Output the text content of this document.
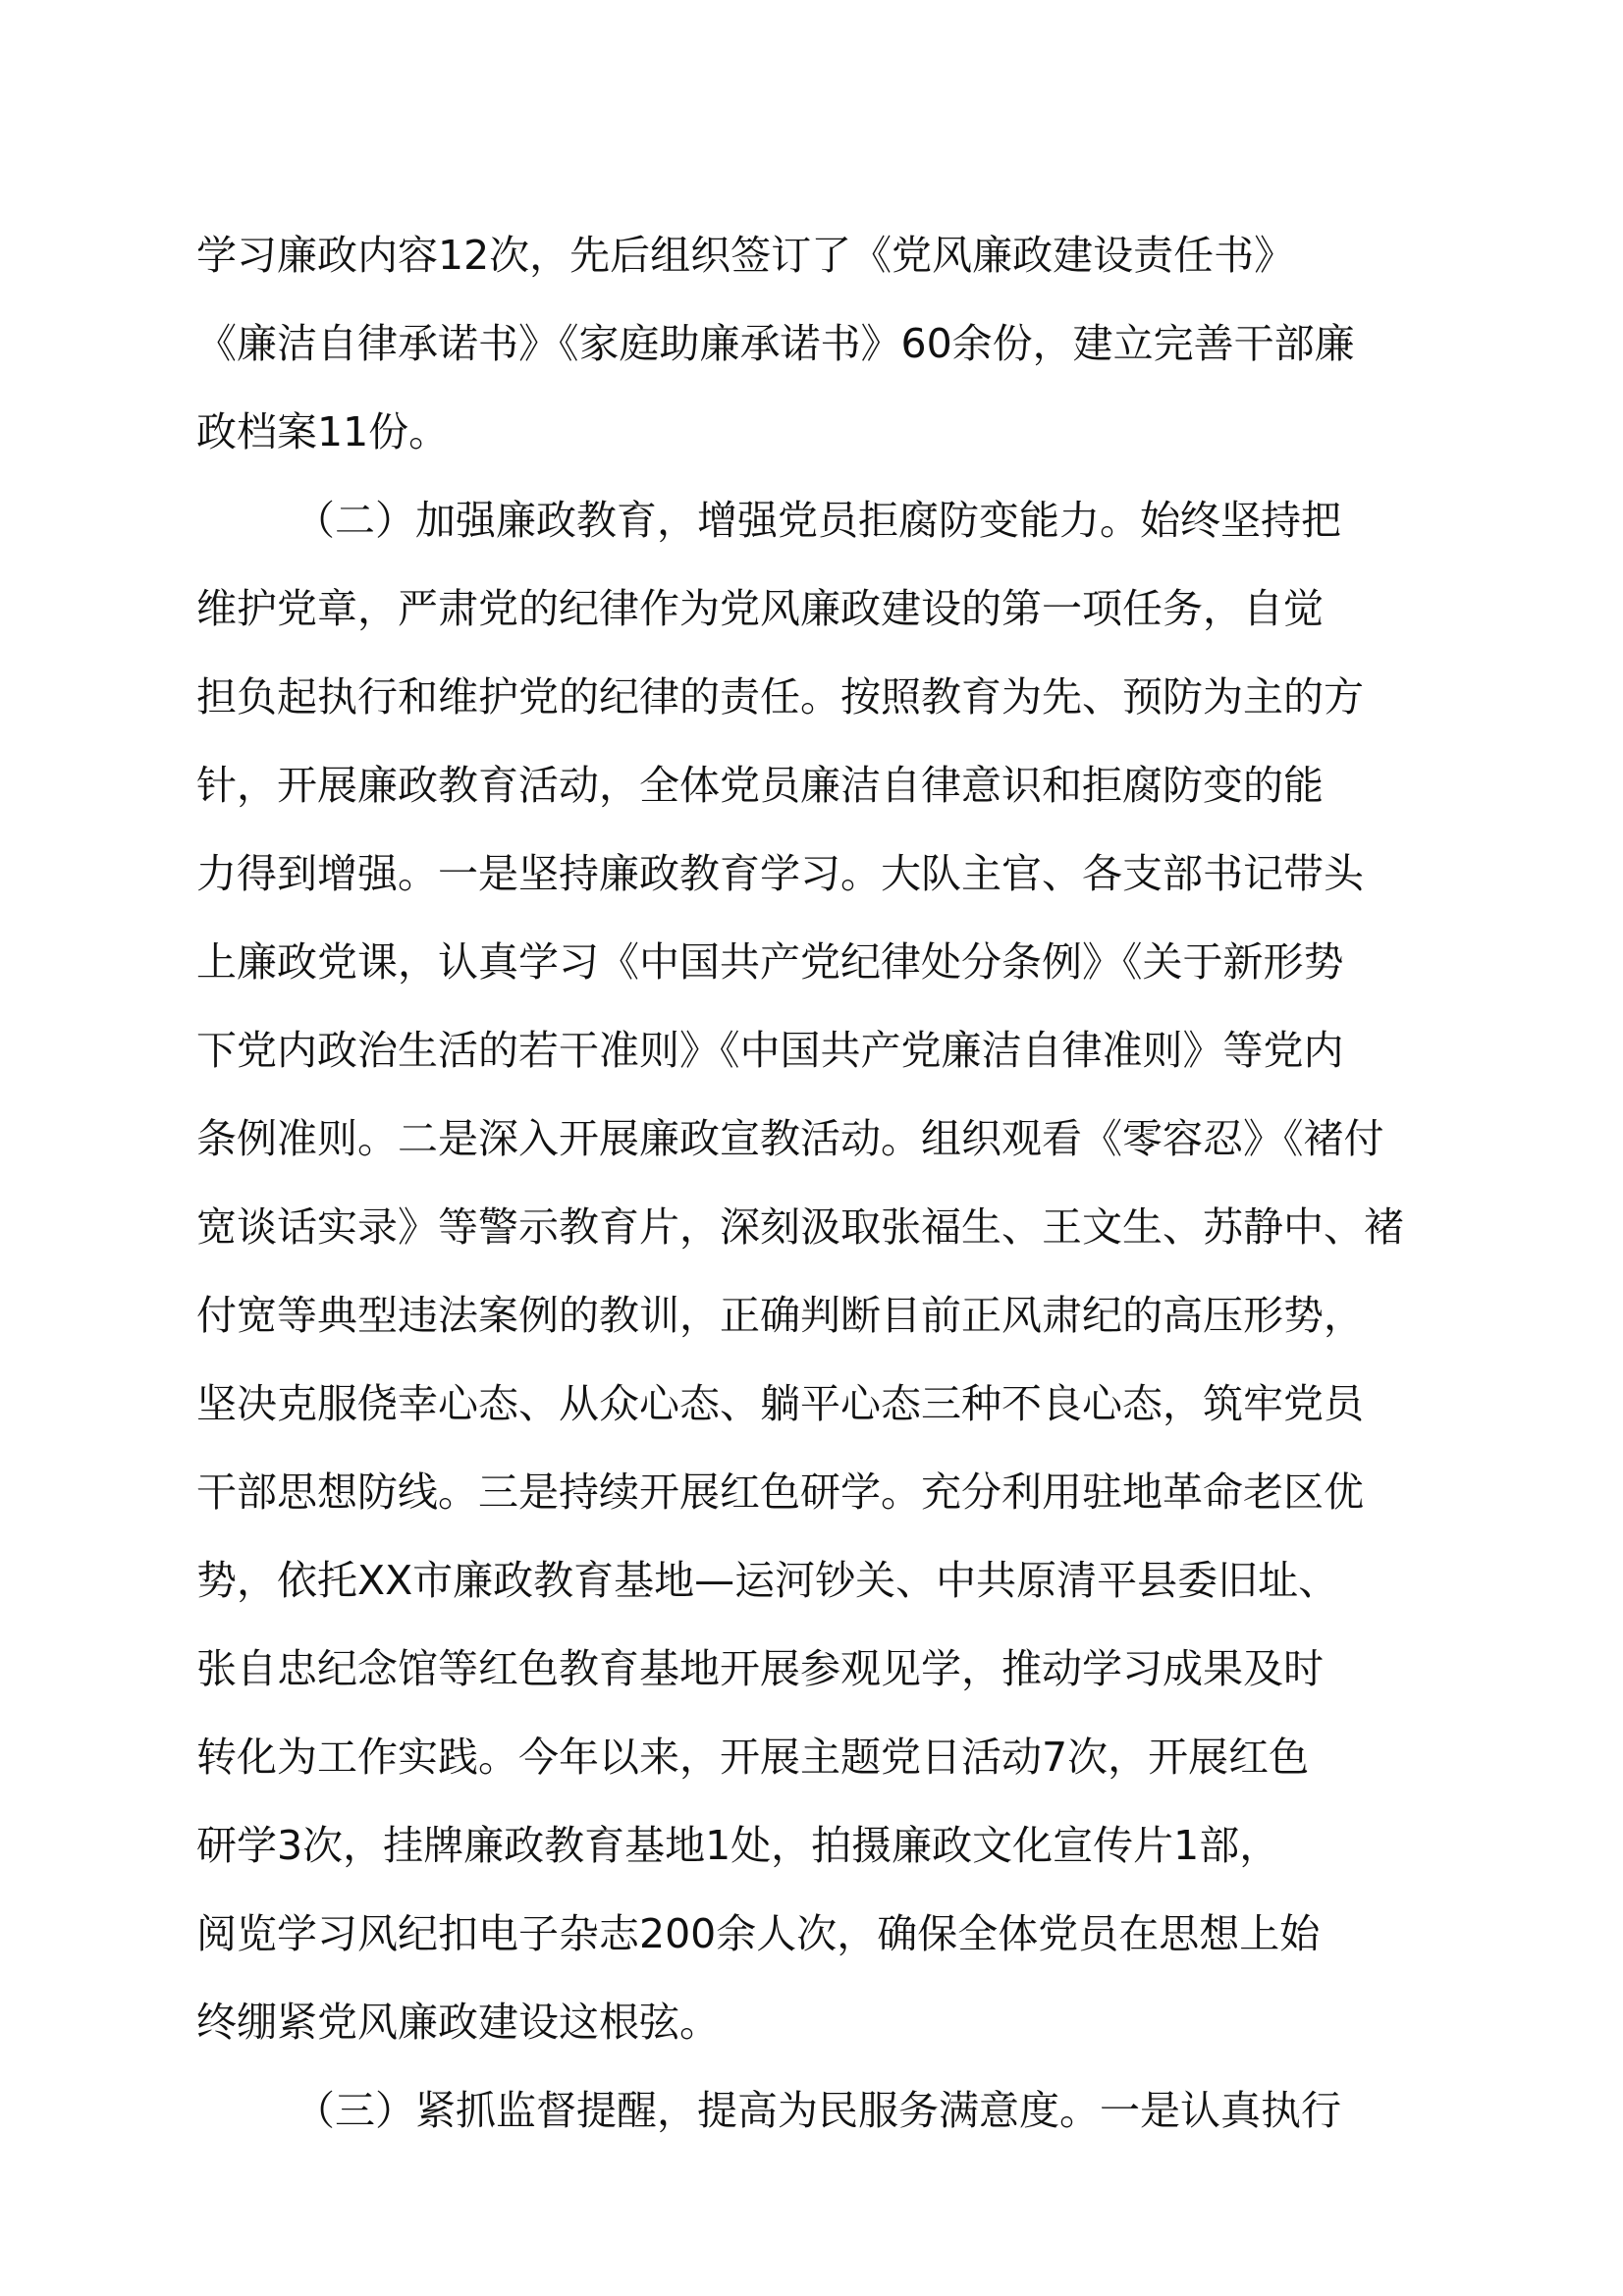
学习廉政内容12次，先后组织签订了《党风廉政建设责任书》

《廉洁自律承诺书》《家庭助廉承诺书》60余份，建立完善干部廉

政档案11份。

（二）加强廉政教育，增强党员拒腐防变能力。始终坚持把

维护党章，严肃党的纪律作为党风廉政建设的第一项任务，自觉

担负起执行和维护党的纪律的责任。按照教育为先、预防为主的方

针，开展廉政教育活动，全体党员廉洁自律意识和拒腐防变的能

力得到增强。一是坚持廉政教育学习。大队主官、各支部书记带头

上廉政党课，认真学习《中国共产党纪律处分条例》《关于新形势

下党内政治生活的若干准则》《中国共产党廉洁自律准则》等党内

条例准则。二是深入开展廉政宣教活动。组织观看《零容忍》《褚付

宽谈话实录》等警示教育片，深刻汲取张福生、王文生、苏静中、褚

付宽等典型违法案例的教训，正确判断目前正风肃纪的高压形势，

坚决克服侥幸心态、从众心态、躺平心态三种不良心态，筑牢党员

干部思想防线。三是持续开展红色研学。充分利用驻地革命老区优

势，依托XX市廉政教育基地—运河钞关、中共原清平县委旧址、

张自忠纪念馆等红色教育基地开展参观见学，推动学习成果及时

转化为工作实践。今年以来，开展主题党日活动7次，开展红色

研学3次，挂牌廉政教育基地1处，拍摄廉政文化宣传片1部，

阅览学习风纪扣电子杂志200余人次，确保全体党员在思想上始

终绷紧党风廉政建设这根弦。

（三）紧抓监督提醒，提高为民服务满意度。一是认真执行
